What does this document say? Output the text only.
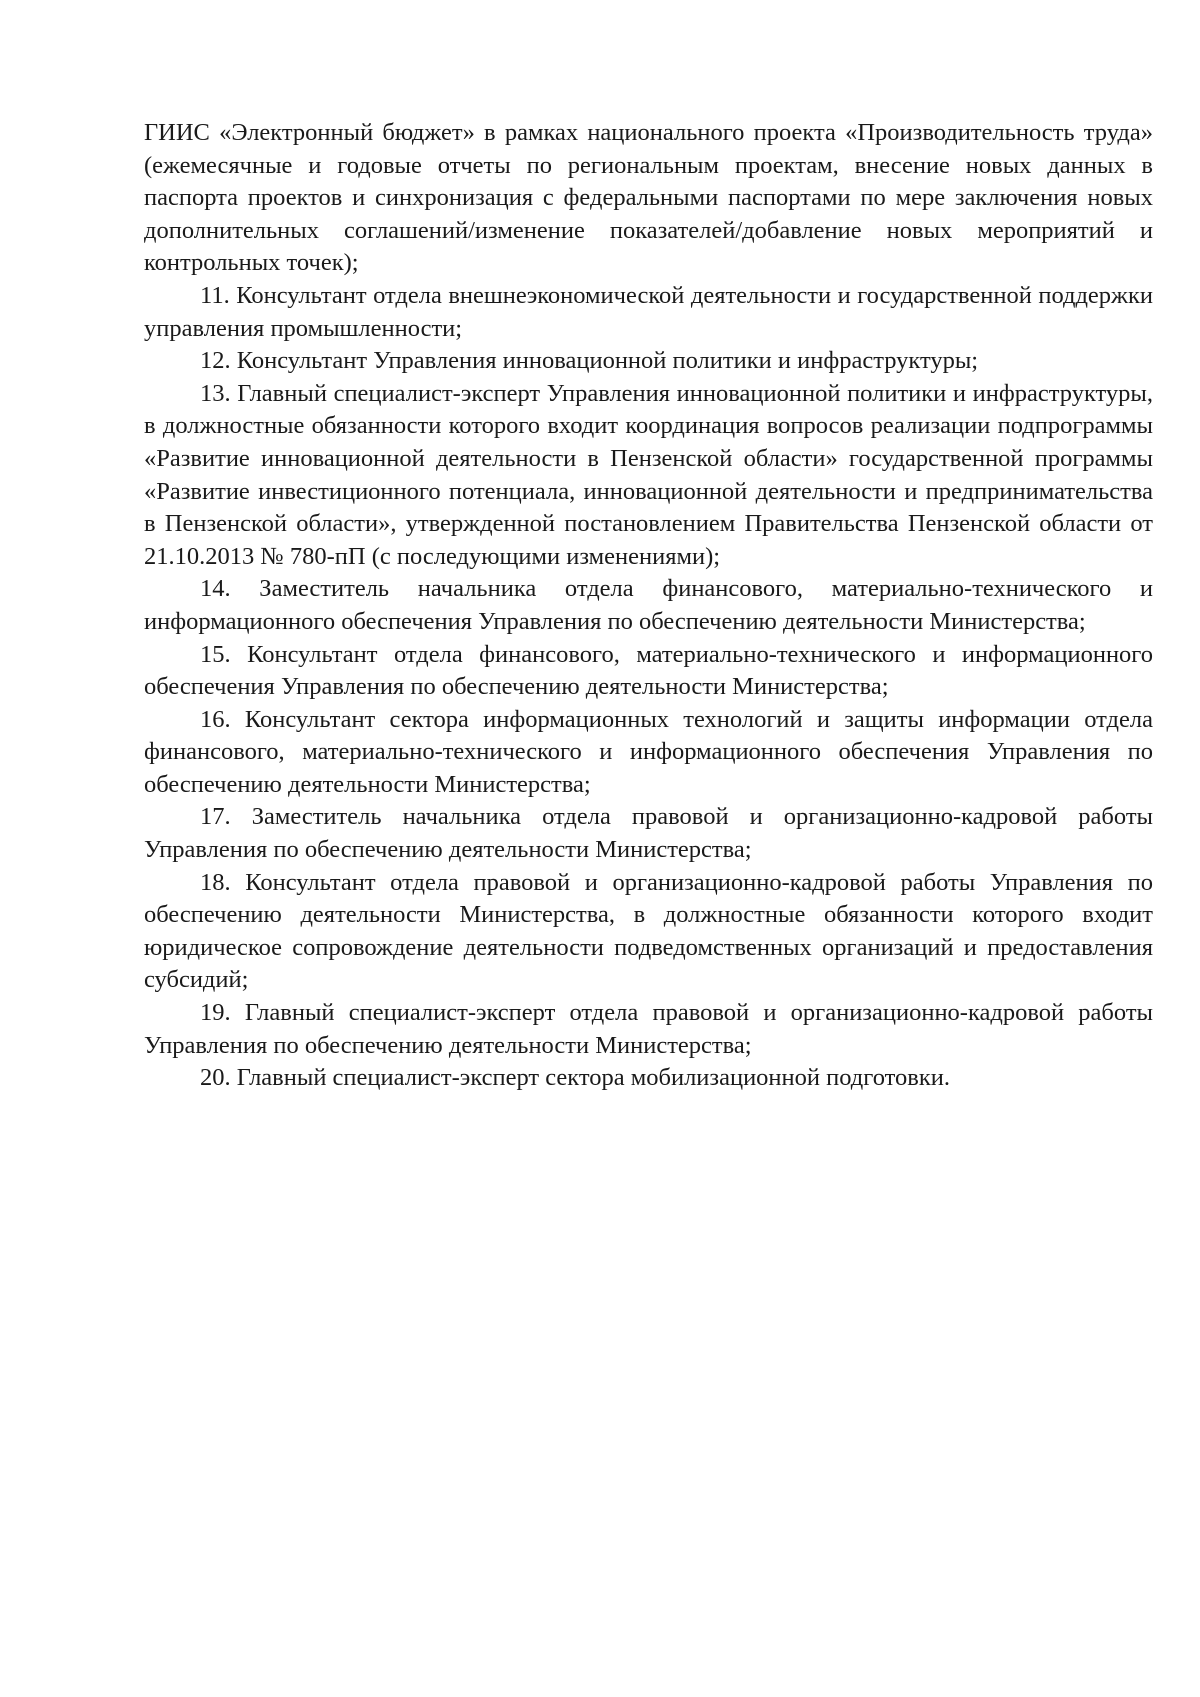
ГИИС «Электронный бюджет» в рамках национального проекта «Производительность труда» (ежемесячные и годовые отчеты по региональным проектам, внесение новых данных в паспорта проектов и синхронизация с федеральными паспортами по мере заключения новых дополнительных соглашений/изменение показателей/добавление новых мероприятий и контрольных точек);

11. Консультант отдела внешнеэкономической деятельности и государственной поддержки управления промышленности;

12. Консультант Управления инновационной политики и инфраструктуры;

13. Главный специалист-эксперт Управления инновационной политики и инфраструктуры, в должностные обязанности которого входит координация вопросов реализации подпрограммы «Развитие инновационной деятельности в Пензенской области» государственной программы «Развитие инвестиционного потенциала, инновационной деятельности и предпринимательства в Пензенской области», утвержденной постановлением Правительства Пензенской области от 21.10.2013 № 780-пП (с последующими изменениями);

14. Заместитель начальника отдела финансового, материально-технического и информационного обеспечения Управления по обеспечению деятельности Министерства;

15. Консультант отдела финансового, материально-технического и информационного обеспечения Управления по обеспечению деятельности Министерства;

16. Консультант сектора информационных технологий и защиты информации отдела финансового, материально-технического и информационного обеспечения Управления по обеспечению деятельности Министерства;

17. Заместитель начальника отдела правовой и организационно-кадровой работы Управления по обеспечению деятельности Министерства;

18. Консультант отдела правовой и организационно-кадровой работы Управления по обеспечению деятельности Министерства, в должностные обязанности которого входит юридическое сопровождение деятельности подведомственных организаций и предоставления субсидий;

19. Главный специалист-эксперт отдела правовой и организационно-кадровой работы Управления по обеспечению деятельности Министерства;

20. Главный специалист-эксперт сектора мобилизационной подготовки.
